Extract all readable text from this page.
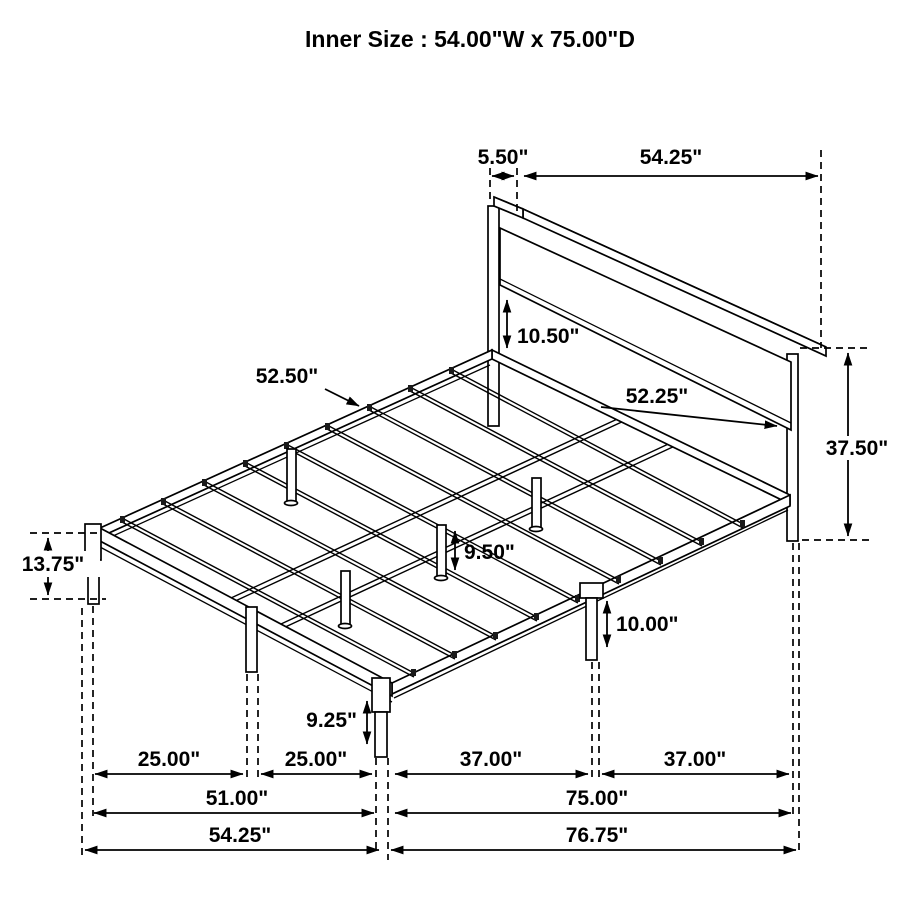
Inner Size : 54.00"W x 75.00"D
5.50"	54.25"
10.50"
52.50"
52.25"
37.50"
13.75"
9.50"
10.00"
9.25"
25.00"	25.00"	37.00"	37.00"
51.00"	75.00"
54.25"	76.75"
